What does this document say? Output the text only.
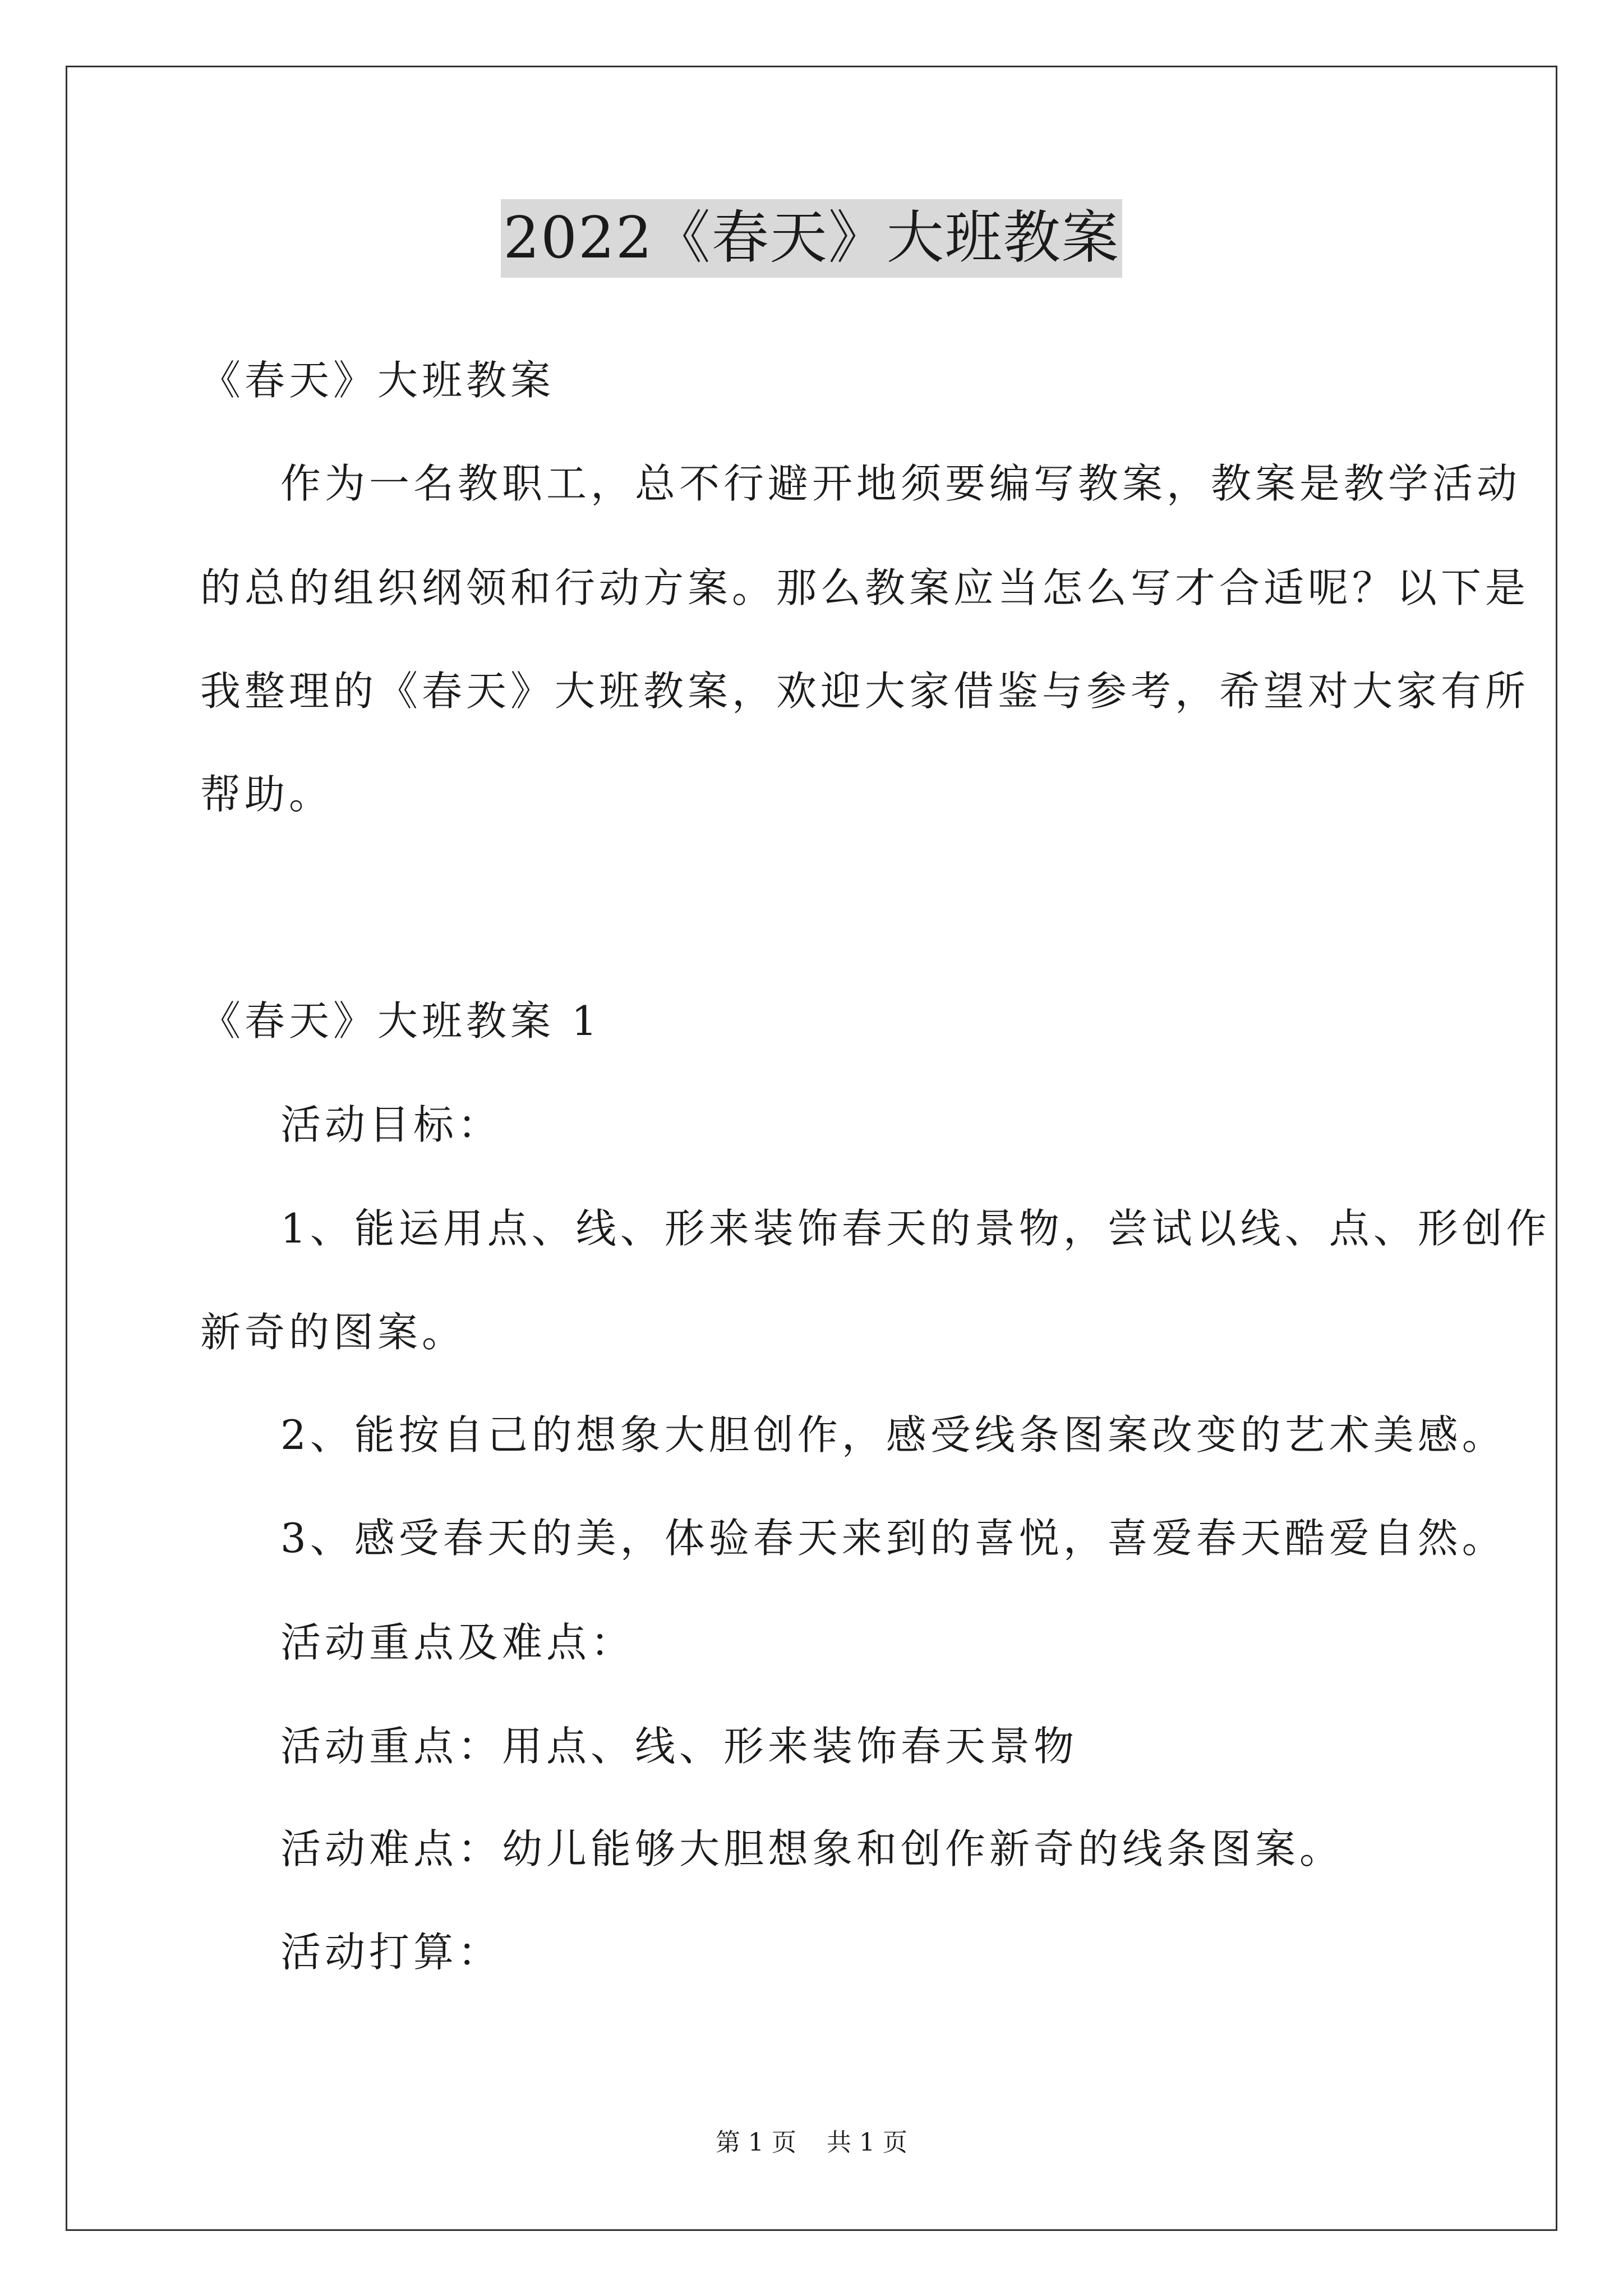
2022《春天》大班教案
《春天》大班教案
作为一名教职工，总不行避开地须要编写教案，教案是教学活动
的总的组织纲领和行动方案。那么教案应当怎么写才合适呢？以下是
我整理的《春天》大班教案，欢迎大家借鉴与参考，希望对大家有所
帮助。
《春天》大班教案 1
活动目标：
1、能运用点、线、形来装饰春天的景物，尝试以线、点、形创作
新奇的图案。
2、能按自己的想象大胆创作，感受线条图案改变的艺术美感。
3、感受春天的美，体验春天来到的喜悦，喜爱春天酷爱自然。
活动重点及难点：
活动重点：用点、线、形来装饰春天景物
活动难点：幼儿能够大胆想象和创作新奇的线条图案。
活动打算：
第 1 页 共 1 页
